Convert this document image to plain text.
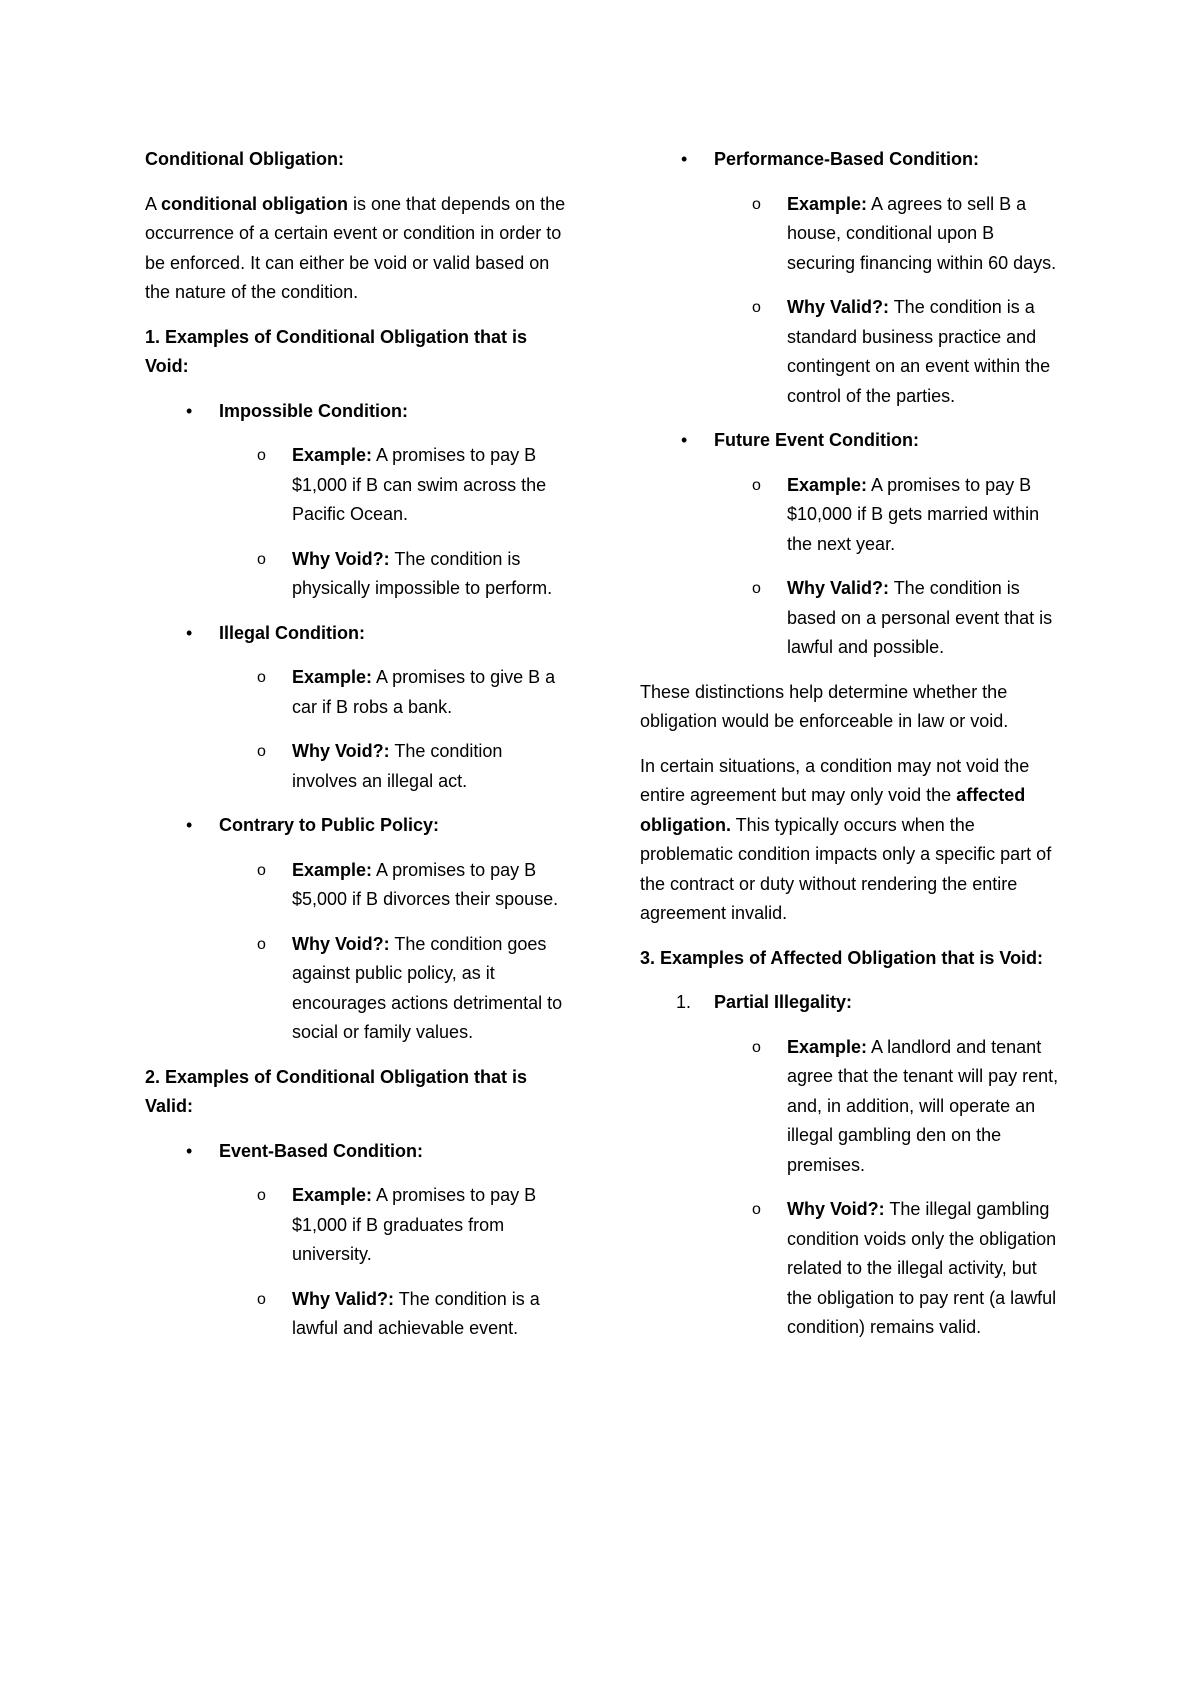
Conditional Obligation:

A conditional obligation is one that depends on the occurrence of a certain event or condition in order to be enforced. It can either be void or valid based on the nature of the condition.

1. Examples of Conditional Obligation that is Void:
• Impossible Condition:
o Example: A promises to pay B $1,000 if B can swim across the Pacific Ocean.
o Why Void?: The condition is physically impossible to perform.
• Illegal Condition:
o Example: A promises to give B a car if B robs a bank.
o Why Void?: The condition involves an illegal act.
• Contrary to Public Policy:
o Example: A promises to pay B $5,000 if B divorces their spouse.
o Why Void?: The condition goes against public policy, as it encourages actions detrimental to social or family values.
2. Examples of Conditional Obligation that is Valid:
• Event-Based Condition:
o Example: A promises to pay B $1,000 if B graduates from university.
o Why Valid?: The condition is a lawful and achievable event.
• Performance-Based Condition:
o Example: A agrees to sell B a house, conditional upon B securing financing within 60 days.
o Why Valid?: The condition is a standard business practice and contingent on an event within the control of the parties.
• Future Event Condition:
o Example: A promises to pay B $10,000 if B gets married within the next year.
o Why Valid?: The condition is based on a personal event that is lawful and possible.

These distinctions help determine whether the obligation would be enforceable in law or void.

In certain situations, a condition may not void the entire agreement but may only void the affected obligation. This typically occurs when the problematic condition impacts only a specific part of the contract or duty without rendering the entire agreement invalid.

3. Examples of Affected Obligation that is Void:
1. Partial Illegality:
o Example: A landlord and tenant agree that the tenant will pay rent, and, in addition, will operate an illegal gambling den on the premises.
o Why Void?: The illegal gambling condition voids only the obligation related to the illegal activity, but the obligation to pay rent (a lawful condition) remains valid.
